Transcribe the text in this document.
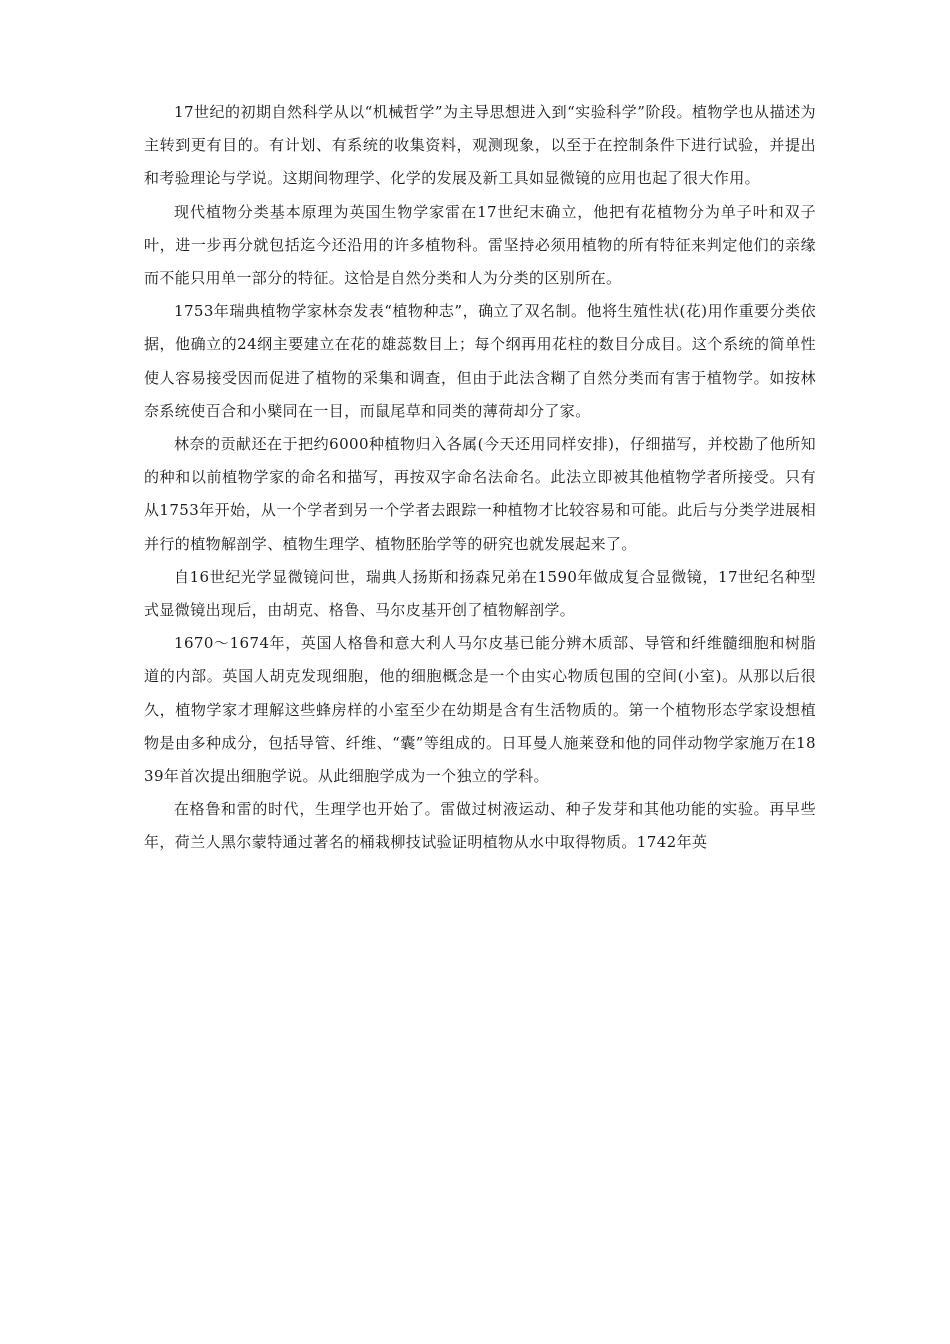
17世纪的初期自然科学从以“机械哲学”为主导思想进入到“实验科学”阶段。植物学也从描述为主转到更有目的。有计划、有系统的收集资料，观测现象，以至于在控制条件下进行试验，并提出和考验理论与学说。这期间物理学、化学的发展及新工具如显微镜的应用也起了很大作用。

现代植物分类基本原理为英国生物学家雷在17世纪末确立，他把有花植物分为单子叶和双子叶，进一步再分就包括迄今还沿用的许多植物科。雷坚持必须用植物的所有特征来判定他们的亲缘而不能只用单一部分的特征。这恰是自然分类和人为分类的区别所在。

1753年瑞典植物学家林奈发表“植物种志”，确立了双名制。他将生殖性状(花)用作重要分类依据，他确立的24纲主要建立在花的雄蕊数目上；每个纲再用花柱的数目分成目。这个系统的简单性使人容易接受因而促进了植物的采集和调查，但由于此法含糊了自然分类而有害于植物学。如按林奈系统使百合和小檗同在一目，而鼠尾草和同类的薄荷却分了家。

林奈的贡献还在于把约6000种植物归入各属(今天还用同样安排)，仔细描写，并校勘了他所知的种和以前植物学家的命名和描写，再按双字命名法命名。此法立即被其他植物学者所接受。只有从1753年开始，从一个学者到另一个学者去跟踪一种植物才比较容易和可能。此后与分类学进展相并行的植物解剖学、植物生理学、植物胚胎学等的研究也就发展起来了。

自16世纪光学显微镜问世，瑞典人扬斯和扬森兄弟在1590年做成复合显微镜，17世纪名种型式显微镜出现后，由胡克、格鲁、马尔皮基开创了植物解剖学。

1670～1674年，英国人格鲁和意大利人马尔皮基已能分辨木质部、导管和纤维髓细胞和树脂道的内部。英国人胡克发现细胞，他的细胞概念是一个由实心物质包围的空间(小室)。从那以后很久，植物学家才理解这些蜂房样的小室至少在幼期是含有生活物质的。第一个植物形态学家设想植物是由多种成分，包括导管、纤维、“囊”等组成的。日耳曼人施莱登和他的同伴动物学家施万在1839年首次提出细胞学说。从此细胞学成为一个独立的学科。

在格鲁和雷的时代，生理学也开始了。雷做过树液运动、种子发芽和其他功能的实验。再早些年，荷兰人黑尔蒙特通过著名的桶栽柳技试验证明植物从水中取得物质。1742年英
